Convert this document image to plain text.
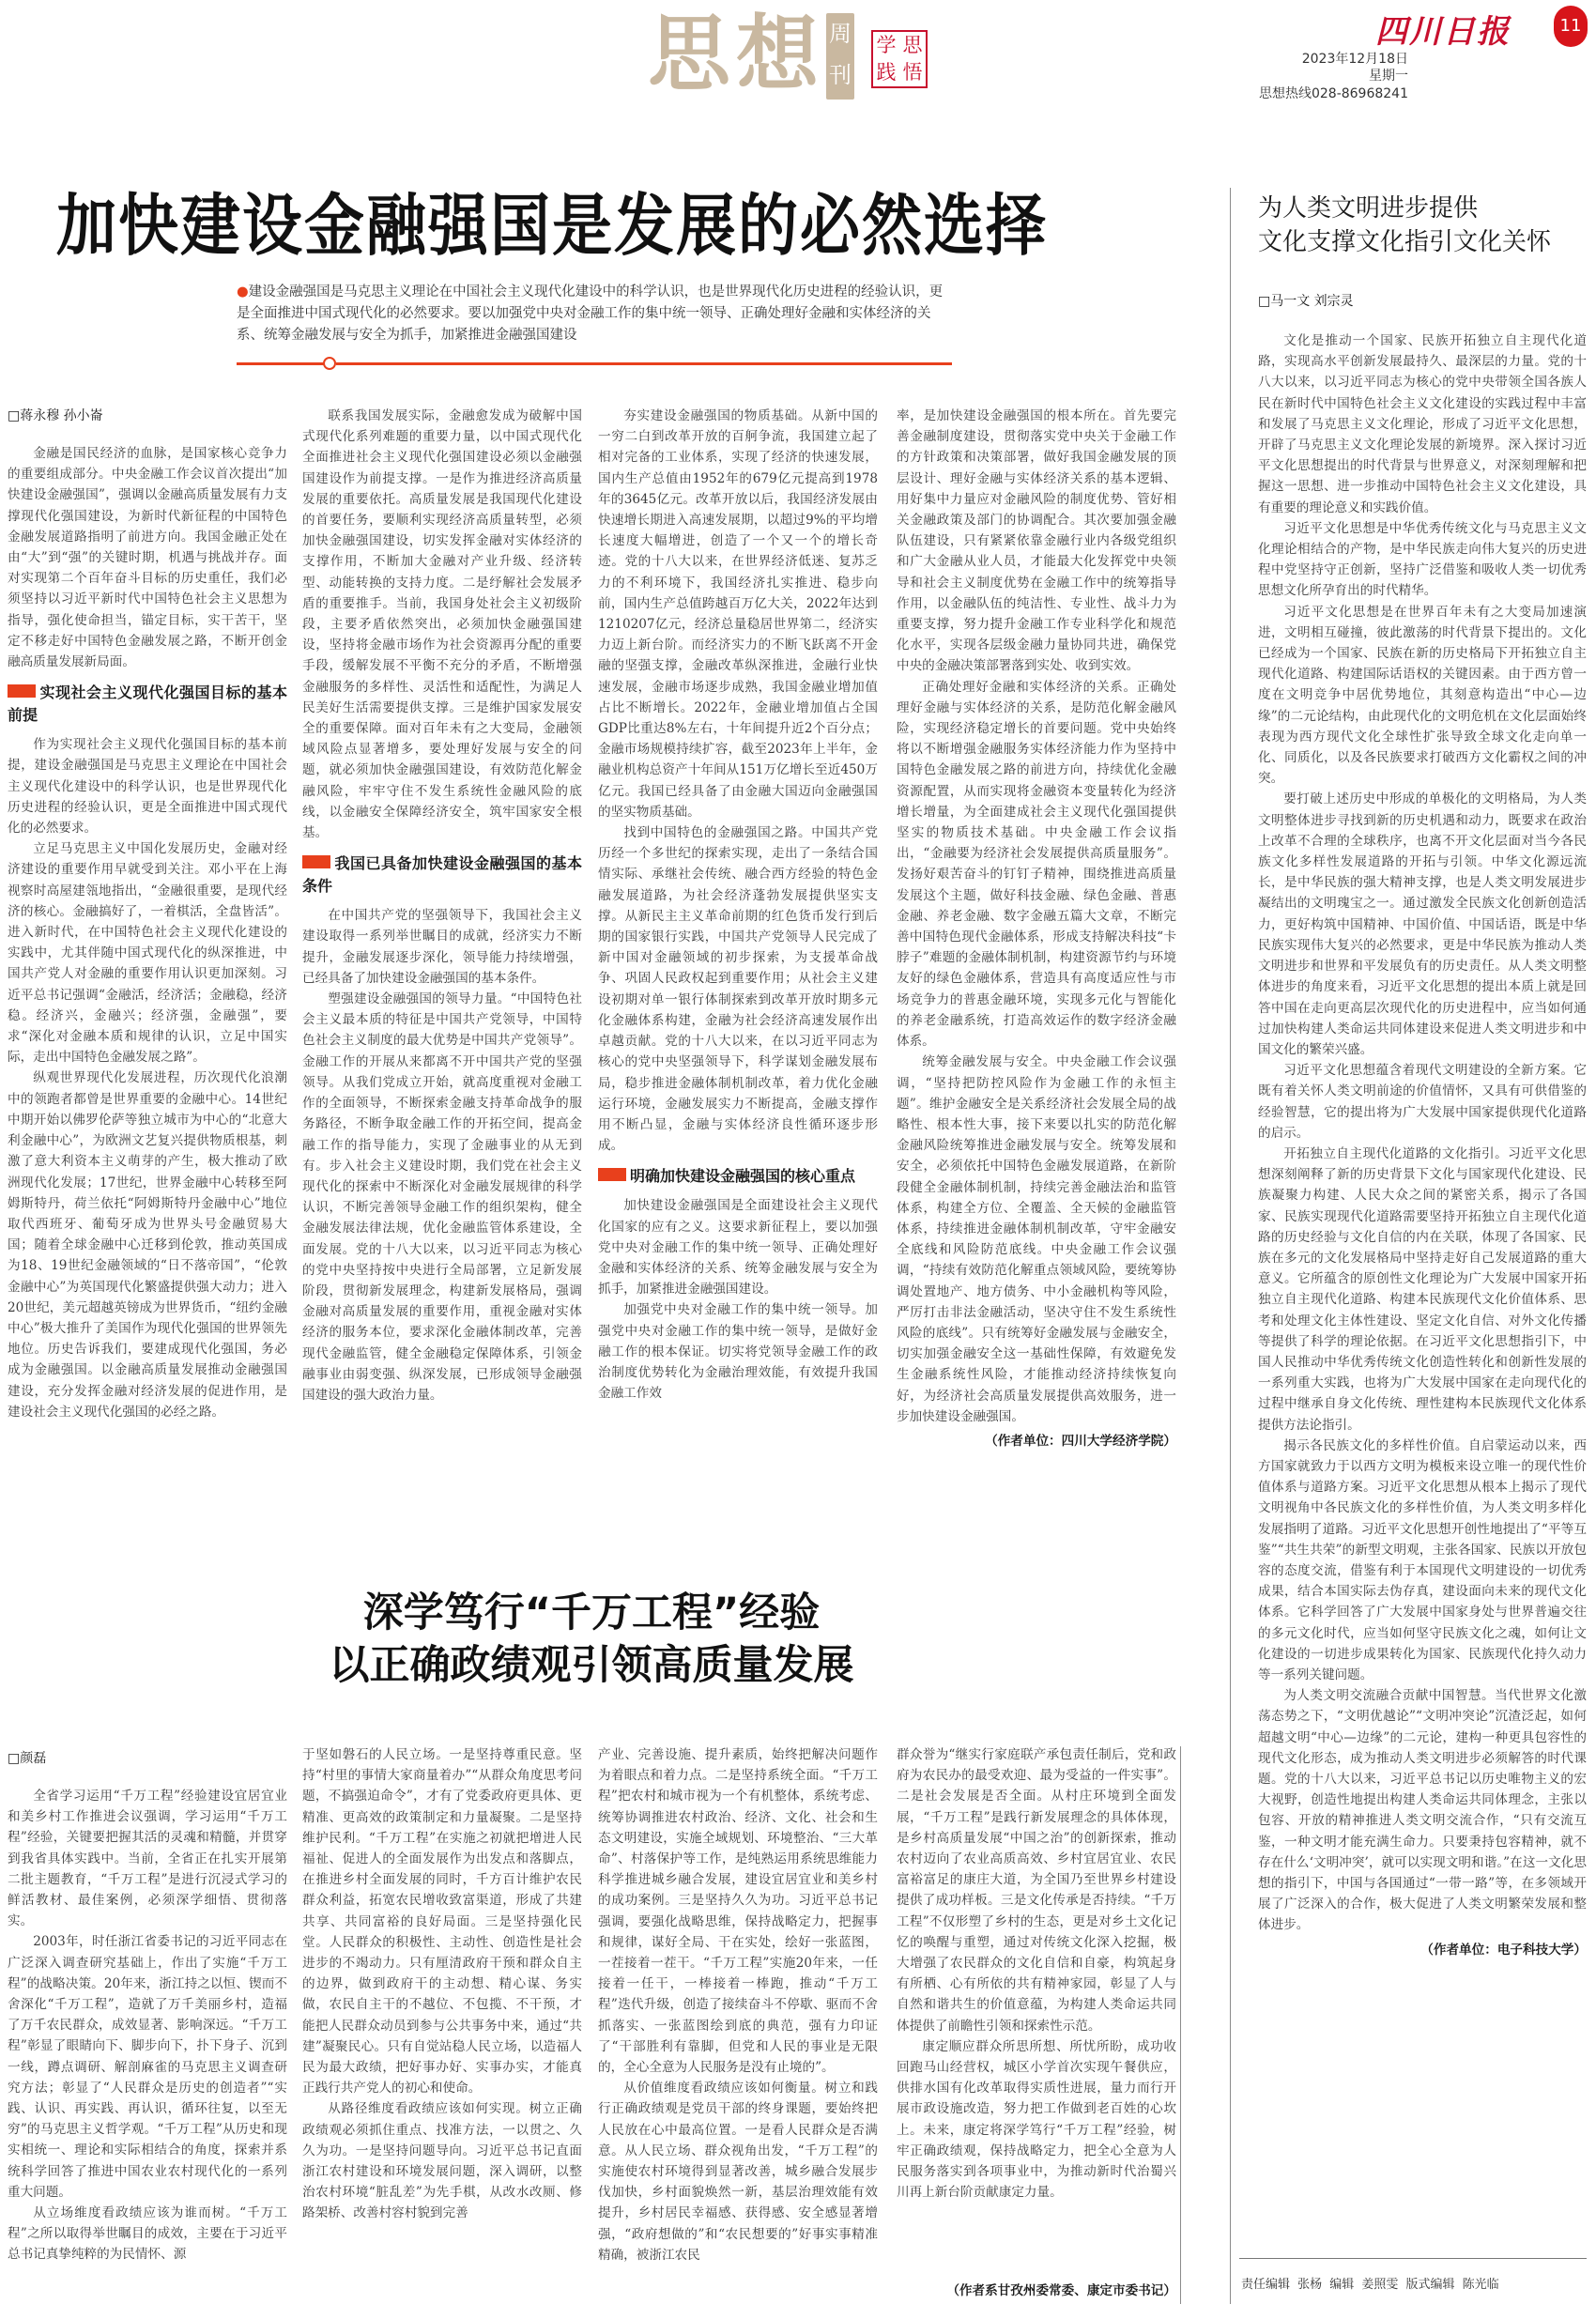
思想 周刊
学 思
践 悟
四川日报	11
2023年12月18日
星期一
思想热线028-86968241
加快建设金融强国是发展的必然选择
●建设金融强国是马克思主义理论在中国社会主义现代化建设中的科学认识，也是世界现代化历史进程的经验认识，更是全面推进中国式现代化的必然要求。要以加强党中央对金融工作的集中统一领导、正确处理好金融和实体经济的关系、统筹金融发展与安全为抓手，加紧推进金融强国建设
□蒋永穆 孙小崙

金融是国民经济的血脉，是国家核心竞争力的重要组成部分。中央金融工作会议首次提出“加快建设金融强国”，强调以金融高质量发展有力支撑现代化强国建设，为新时代新征程的中国特色金融发展道路指明了前进方向。我国金融正处在由“大”到“强”的关键时期，机遇与挑战并存。面对实现第二个百年奋斗目标的历史重任，我们必须坚持以习近平新时代中国特色社会主义思想为指导，强化使命担当，锚定目标，实干苦干，坚定不移走好中国特色金融发展之路，不断开创金融高质量发展新局面。

实现社会主义现代化强国目标的基本前提

作为实现社会主义现代化强国目标的基本前提，建设金融强国是马克思主义理论在中国社会主义现代化建设中的科学认识，也是世界现代化历史进程的经验认识，更是全面推进中国式现代化的必然要求。

立足马克思主义中国化发展历史，金融对经济建设的重要作用早就受到关注。邓小平在上海视察时高屋建瓴地指出，“金融很重要，是现代经济的核心。金融搞好了，一着棋活，全盘皆活”。进入新时代，在中国特色社会主义现代化建设的实践中，尤其伴随中国式现代化的纵深推进，中国共产党人对金融的重要作用认识更加深刻。习近平总书记强调“金融活，经济活；金融稳，经济稳。经济兴，金融兴；经济强，金融强”，要求“深化对金融本质和规律的认识，立足中国实际，走出中国特色金融发展之路”。

纵观世界现代化发展进程，历次现代化浪潮中的领跑者都曾是世界重要的金融中心。14世纪中期开始以佛罗伦萨等独立城市为中心的“北意大利金融中心”，为欧洲文艺复兴提供物质根基，刺激了意大利资本主义萌芽的产生，极大推动了欧洲现代化发展；17世纪，世界金融中心转移至阿姆斯特丹，荷兰依托“阿姆斯特丹金融中心”地位取代西班牙、葡萄牙成为世界头号金融贸易大国；随着全球金融中心迁移到伦敦，推动英国成为18、19世纪金融领域的“日不落帝国”，“伦敦金融中心”为英国现代化繁盛提供强大动力；进入20世纪，美元超越英镑成为世界货币，“纽约金融中心”极大推升了美国作为现代化强国的世界领先地位。历史告诉我们，要建成现代化强国，务必成为金融强国。以金融高质量发展推动金融强国建设，充分发挥金融对经济发展的促进作用，是建设社会主义现代化强国的必经之路。

联系我国发展实际，金融愈发成为破解中国式现代化系列难题的重要力量，以中国式现代化全面推进社会主义现代化强国建设必须以金融强国建设作为前提支撑。一是作为推进经济高质量发展的重要依托。高质量发展是我国现代化建设的首要任务，要顺利实现经济高质量转型，必须加快金融强国建设，切实发挥金融对实体经济的支撑作用，不断加大金融对产业升级、经济转型、动能转换的支持力度。二是纾解社会发展矛盾的重要推手。当前，我国身处社会主义初级阶段，主要矛盾依然突出，必须加快金融强国建设，坚持将金融市场作为社会资源再分配的重要手段，缓解发展不平衡不充分的矛盾，不断增强金融服务的多样性、灵活性和适配性，为满足人民美好生活需要提供支撑。三是维护国家发展安全的重要保障。面对百年未有之大变局，金融领域风险点显著增多，要处理好发展与安全的问题，就必须加快金融强国建设，有效防范化解金融风险，牢牢守住不发生系统性金融风险的底线，以金融安全保障经济安全，筑牢国家安全根基。

我国已具备加快建设金融强国的基本条件

在中国共产党的坚强领导下，我国社会主义建设取得一系列举世瞩目的成就，经济实力不断提升，金融发展逐步深化，领导能力持续增强，已经具备了加快建设金融强国的基本条件。

塑强建设金融强国的领导力量。“中国特色社会主义最本质的特征是中国共产党领导，中国特色社会主义制度的最大优势是中国共产党领导”。金融工作的开展从来都离不开中国共产党的坚强领导。从我们党成立开始，就高度重视对金融工作的全面领导，不断探索金融支持革命战争的服务路径，不断争取金融工作的开拓空间，提高金融工作的指导能力，实现了金融事业的从无到有。步入社会主义建设时期，我们党在社会主义现代化的探索中不断深化对金融发展规律的科学认识，不断完善领导金融工作的组织架构，健全金融发展法律法规，优化金融监管体系建设，全面发展。党的十八大以来，以习近平同志为核心的党中央坚持按中央进行全局部署，立足新发展阶段，贯彻新发展理念，构建新发展格局，强调金融对高质量发展的重要作用，重视金融对实体经济的服务本位，要求深化金融体制改革，完善现代金融监管，健全金融稳定保障体系，引领金融事业由弱变强、纵深发展，已形成领导金融强国建设的强大政治力量。

夯实建设金融强国的物质基础。从新中国的一穷二白到改革开放的百舸争流，我国建立起了相对完备的工业体系，实现了经济的快速发展，国内生产总值由1952年的679亿元提高到1978年的3645亿元。改革开放以后，我国经济发展由快速增长期进入高速发展期，以超过9%的平均增长速度大幅增进，创造了一个又一个的增长奇迹。党的十八大以来，在世界经济低迷、复苏乏力的不利环境下，我国经济扎实推进、稳步向前，国内生产总值跨越百万亿大关，2022年达到1210207亿元，经济总量稳居世界第二，经济实力迈上新台阶。而经济实力的不断飞跃离不开金融的坚强支撑，金融改革纵深推进，金融行业快速发展，金融市场逐步成熟，我国金融业增加值占比不断增长。2022年，金融业增加值占全国GDP比重达8%左右，十年间提升近2个百分点；金融市场规模持续扩容，截至2023年上半年，金融业机构总资产十年间从151万亿增长至近450万亿元。我国已经具备了由金融大国迈向金融强国的坚实物质基础。

找到中国特色的金融强国之路。中国共产党历经一个多世纪的探索实现，走出了一条结合国情实际、承继社会传统、融合西方经验的特色金融发展道路，为社会经济蓬勃发展提供坚实支撑。从新民主主义革命前期的红色货币发行到后期的国家银行实践，中国共产党领导人民完成了新中国对金融领域的初步探索，为支援革命战争、巩固人民政权起到重要作用；从社会主义建设初期对单一银行体制探索到改革开放时期多元化金融体系构建，金融为社会经济高速发展作出卓越贡献。党的十八大以来，在以习近平同志为核心的党中央坚强领导下，科学谋划金融发展布局，稳步推进金融体制机制改革，着力优化金融运行环境，金融发展实力不断提高，金融支撑作用不断凸显，金融与实体经济良性循环逐步形成。

明确加快建设金融强国的核心重点

加快建设金融强国是全面建设社会主义现代化国家的应有之义。这要求新征程上，要以加强党中央对金融工作的集中统一领导、正确处理好金融和实体经济的关系、统筹金融发展与安全为抓手，加紧推进金融强国建设。

加强党中央对金融工作的集中统一领导。加强党中央对金融工作的集中统一领导，是做好金融工作的根本保证。切实将党领导金融工作的政治制度优势转化为金融治理效能，有效提升我国金融工作效

率，是加快建设金融强国的根本所在。首先要完善金融制度建设，贯彻落实党中央关于金融工作的方针政策和决策部署，做好我国金融发展的顶层设计、理好金融与实体经济关系的基本逻辑、用好集中力量应对金融风险的制度优势、管好相关金融政策及部门的协调配合。其次要加强金融队伍建设，只有紧紧依靠金融行业内各级党组织和广大金融从业人员，才能最大化发挥党中央领导和社会主义制度优势在金融工作中的统筹指导作用，以金融队伍的纯洁性、专业性、战斗力为重要支撑，努力提升金融工作专业科学化和规范化水平，实现各层级金融力量协同共进，确保党中央的金融决策部署落到实处、收到实效。

正确处理好金融和实体经济的关系。正确处理好金融与实体经济的关系，是防范化解金融风险，实现经济稳定增长的首要问题。党中央始终将以不断增强金融服务实体经济能力作为坚持中国特色金融发展之路的前进方向，持续优化金融资源配置，从而实现将金融资本变量转化为经济增长增量，为全面建成社会主义现代化强国提供坚实的物质技术基础。中央金融工作会议指出，“金融要为经济社会发展提供高质量服务”。发扬好艰苦奋斗的钉钉子精神，围绕推进高质量发展这个主题，做好科技金融、绿色金融、普惠金融、养老金融、数字金融五篇大文章，不断完善中国特色现代金融体系，形成支持解决科技“卡脖子”难题的金融体制机制，构建资源节约与环境友好的绿色金融体系，营造具有高度适应性与市场竞争力的普惠金融环境，实现多元化与智能化的养老金融系统，打造高效运作的数字经济金融体系。

统筹金融发展与安全。中央金融工作会议强调，“坚持把防控风险作为金融工作的永恒主题”。维护金融安全是关系经济社会发展全局的战略性、根本性大事，接下来要以扎实的防范化解金融风险统筹推进金融发展与安全。统筹发展和安全，必须依托中国特色金融发展道路，在新阶段健全金融体制机制，持续完善金融法治和监管体系，构建全方位、全覆盖、全天候的金融监管体系，持续推进金融体制机制改革，守牢金融安全底线和风险防范底线。中央金融工作会议强调，“持续有效防范化解重点领域风险，要统筹协调处置地产、地方债务、中小金融机构等风险，严厉打击非法金融活动，坚决守住不发生系统性风险的底线”。只有统筹好金融发展与金融安全，切实加强金融安全这一基础性保障，有效避免发生金融系统性风险，才能推动经济持续恢复向好，为经济社会高质量发展提供高效服务，进一步加快建设金融强国。

（作者单位：四川大学经济学院）
为人类文明进步提供
文化支撑文化指引文化关怀
□马一文 刘宗灵

文化是推动一个国家、民族开拓独立自主现代化道路，实现高水平创新发展最持久、最深层的力量。党的十八大以来，以习近平同志为核心的党中央带领全国各族人民在新时代中国特色社会主义文化建设的实践过程中丰富和发展了马克思主义文化理论，形成了习近平文化思想，开辟了马克思主义文化理论发展的新境界。深入探讨习近平文化思想提出的时代背景与世界意义，对深刻理解和把握这一思想、进一步推动中国特色社会主义文化建设，具有重要的理论意义和实践价值。

习近平文化思想是中华优秀传统文化与马克思主义文化理论相结合的产物，是中华民族走向伟大复兴的历史进程中党坚持守正创新，坚持广泛借鉴和吸收人类一切优秀思想文化所孕育出的时代精华。

习近平文化思想是在世界百年未有之大变局加速演进，文明相互碰撞，彼此激荡的时代背景下提出的。文化已经成为一个国家、民族在新的历史格局下开拓独立自主现代化道路、构建国际话语权的关键因素。由于西方曾一度在文明竞争中居优势地位，其刻意构造出“中心—边缘”的二元论结构，由此现代化的文明危机在文化层面始终表现为西方现代文化全球性扩张导致全球文化走向单一化、同质化，以及各民族要求打破西方文化霸权之间的冲突。

要打破上述历史中形成的单极化的文明格局，为人类文明整体进步寻找到新的历史机遇和动力，既要求在政治上改革不合理的全球秩序，也离不开文化层面对当今各民族文化多样性发展道路的开拓与引领。中华文化源远流长，是中华民族的强大精神支撑，也是人类文明发展进步凝结出的文明瑰宝之一。通过激发全民族文化创新创造活力，更好构筑中国精神、中国价值、中国话语，既是中华民族实现伟大复兴的必然要求，更是中华民族为推动人类文明进步和世界和平发展负有的历史责任。从人类文明整体进步的角度来看，习近平文化思想的提出本质上就是回答中国在走向更高层次现代化的历史进程中，应当如何通过加快构建人类命运共同体建设来促进人类文明进步和中国文化的繁荣兴盛。

习近平文化思想蕴含着现代文明建设的全新方案。它既有着关怀人类文明前途的价值情怀，又具有可供借鉴的经验智慧，它的提出将为广大发展中国家提供现代化道路的启示。

开拓独立自主现代化道路的文化指引。习近平文化思想深刻阐释了新的历史背景下文化与国家现代化建设、民族凝聚力构建、人民大众之间的紧密关系，揭示了各国家、民族实现现代化道路需要坚持开拓独立自主现代化道路的历史经验与文化自信的内在关联，体现了各国家、民族在多元的文化发展格局中坚持走好自己发展道路的重大意义。它所蕴含的原创性文化理论为广大发展中国家开拓独立自主现代化道路、构建本民族现代文化价值体系、思考和处理文化主体性建设、坚定文化自信、对外文化传播等提供了科学的理论依据。在习近平文化思想指引下，中国人民推动中华优秀传统文化创造性转化和创新性发展的一系列重大实践，也将为广大发展中国家在走向现代化的过程中继承自身文化传统、理性建构本民族现代文化体系提供方法论指引。

揭示各民族文化的多样性价值。自启蒙运动以来，西方国家就致力于以西方文明为模板来设立唯一的现代性价值体系与道路方案。习近平文化思想从根本上揭示了现代文明视角中各民族文化的多样性价值，为人类文明多样化发展指明了道路。习近平文化思想开创性地提出了“平等互鉴”“共生共荣”的新型文明观，主张各国家、民族以开放包容的态度交流，借鉴有利于本国现代文明建设的一切优秀成果，结合本国实际去伪存真，建设面向未来的现代文化体系。它科学回答了广大发展中国家身处与世界普遍交往的多元文化时代，应当如何坚守民族文化之魂，如何让文化建设的一切进步成果转化为国家、民族现代化持久动力等一系列关键问题。

为人类文明交流融合贡献中国智慧。当代世界文化激荡态势之下，“文明优越论”“文明冲突论”沉渣泛起，如何超越文明“中心—边缘”的二元论，建构一种更具包容性的现代文化形态，成为推动人类文明进步必须解答的时代课题。党的十八大以来，习近平总书记以历史唯物主义的宏大视野，创造性地提出构建人类命运共同体理念，主张以包容、开放的精神推进人类文明交流合作，“只有交流互鉴，一种文明才能充满生命力。只要秉持包容精神，就不存在什么‘文明冲突’，就可以实现文明和谐。”在这一文化思想的指引下，中国与各国通过“一带一路”等，在多领域开展了广泛深入的合作，极大促进了人类文明繁荣发展和整体进步。

（作者单位：电子科技大学）
深学笃行“千万工程”经验
以正确政绩观引领高质量发展
□颜磊

全省学习运用“千万工程”经验建设宜居宜业和美乡村工作推进会议强调，学习运用“千万工程”经验，关键要把握其活的灵魂和精髓，并贯穿到我省具体实践中。当前，全省正在扎实开展第二批主题教育，“千万工程”是进行沉浸式学习的鲜活教材、最佳案例，必须深学细悟、贯彻落实。

2003年，时任浙江省委书记的习近平同志在广泛深入调查研究基础上，作出了实施“千万工程”的战略决策。20年来，浙江持之以恒、锲而不舍深化“千万工程”，造就了万千美丽乡村，造福了万千农民群众，成效显著、影响深远。“千万工程”彰显了眼睛向下、脚步向下，扑下身子、沉到一线，蹲点调研、解剖麻雀的马克思主义调查研究方法；彰显了“人民群众是历史的创造者”“实践、认识、再实践、再认识，循环往复，以至无穷”的马克思主义哲学观。“千万工程”从历史和现实相统一、理论和实际相结合的角度，探索并系统科学回答了推进中国农业农村现代化的一系列重大问题。

从立场维度看政绩应该为谁而树。“千万工程”之所以取得举世瞩目的成效，主要在于习近平总书记真挚纯粹的为民情怀、源

于坚如磐石的人民立场。一是坚持尊重民意。坚持“村里的事情大家商量着办”“从群众角度思考问题，不搞强迫命令”，才有了党委政府更具体、更精准、更高效的政策制定和力量凝聚。二是坚持维护民利。“千万工程”在实施之初就把增进人民福祉、促进人的全面发展作为出发点和落脚点，在推进乡村全面发展的同时，千方百计维护农民群众利益，拓宽农民增收致富渠道，形成了共建共享、共同富裕的良好局面。三是坚持强化民堂。人民群众的积极性、主动性、创造性是社会进步的不竭动力。只有厘清政府干预和群众自主的边界，做到政府干的主动想、精心谋、务实做，农民自主干的不越位、不包揽、不干预，才能把人民群众动员到参与公共事务中来，通过“共建”凝聚民心。只有自觉站稳人民立场，以造福人民为最大政绩，把好事办好、实事办实，才能真正践行共产党人的初心和使命。

从路径维度看政绩应该如何实现。树立正确政绩观必须抓住重点、找准方法，一以贯之、久久为功。一是坚持问题导向。习近平总书记直面浙江农村建设和环境发展问题，深入调研，以整治农村环境“脏乱差”为先手棋，从改水改厕、修路架桥、改善村容村貌到完善

产业、完善设施、提升素质，始终把解决问题作为着眼点和着力点。二是坚持系统全面。“千万工程”把农村和城市视为一个有机整体，系统考虑、统筹协调推进农村政治、经济、文化、社会和生态文明建设，实施全域规划、环境整治、“三大革命”、村落保护等工作，是纯熟运用系统思维能力科学推进城乡融合发展，建设宜居宜业和美乡村的成功案例。三是坚持久久为功。习近平总书记强调，要强化战略思维，保持战略定力，把握事和规律，谋好全局、干在实处，绘好一张蓝图，一茬接着一茬干。“千万工程”实施20年来，一任接着一任干，一棒接着一棒跑，推动“千万工程”迭代升级，创造了接续奋斗不停歇、驱而不舍抓落实、一张蓝图绘到底的典范，强有力印证了“干部胜利有靠脚，但党和人民的事业是无限的，全心全意为人民服务是没有止境的”。

从价值维度看政绩应该如何衡量。树立和践行正确政绩观是党员干部的终身课题，要始终把人民放在心中最高位置。一是看人民群众是否满意。从人民立场、群众视角出发，“千万工程”的实施使农村环境得到显著改善，城乡融合发展步伐加快，乡村面貌焕然一新，基层治理效能有效提升，乡村居民幸福感、获得感、安全感显著增强，“政府想做的”和“农民想要的”好事实事精准精确，被浙江农民

群众誉为“继实行家庭联产承包责任制后，党和政府为农民办的最受欢迎、最为受益的一件实事”。二是社会发展是否全面。从村庄环境到全面发展，“千万工程”是践行新发展理念的具体体现，是乡村高质量发展“中国之治”的创新探索，推动农村迈向了农业高质高效、乡村宜居宜业、农民富裕富足的康庄大道，为全国乃至世界乡村建设提供了成功样板。三是文化传承是否持续。“千万工程”不仅形塑了乡村的生态，更是对乡土文化记忆的唤醒与重塑，通过对传统文化深入挖掘，极大增强了农民群众的文化自信和自豪，构筑起身有所栖、心有所依的共有精神家园，彰显了人与自然和谐共生的价值意蕴，为构建人类命运共同体提供了前瞻性引领和探索性示范。

康定顺应群众所思所想、所忧所盼，成功收回跑马山经营权，城区小学首次实现午餐供应，供排水国有化改革取得实质性进展，量力而行开展市政设施改造，努力把工作做到老百姓的心坎上。未来，康定将深学笃行“千万工程”经验，树牢正确政绩观，保持战略定力，把全心全意为人民服务落实到各项事业中，为推动新时代治蜀兴川再上新台阶贡献康定力量。

（作者系甘孜州委常委、康定市委书记）	责任编辑 张杨 编辑 姜照雯 版式编辑 陈光临
